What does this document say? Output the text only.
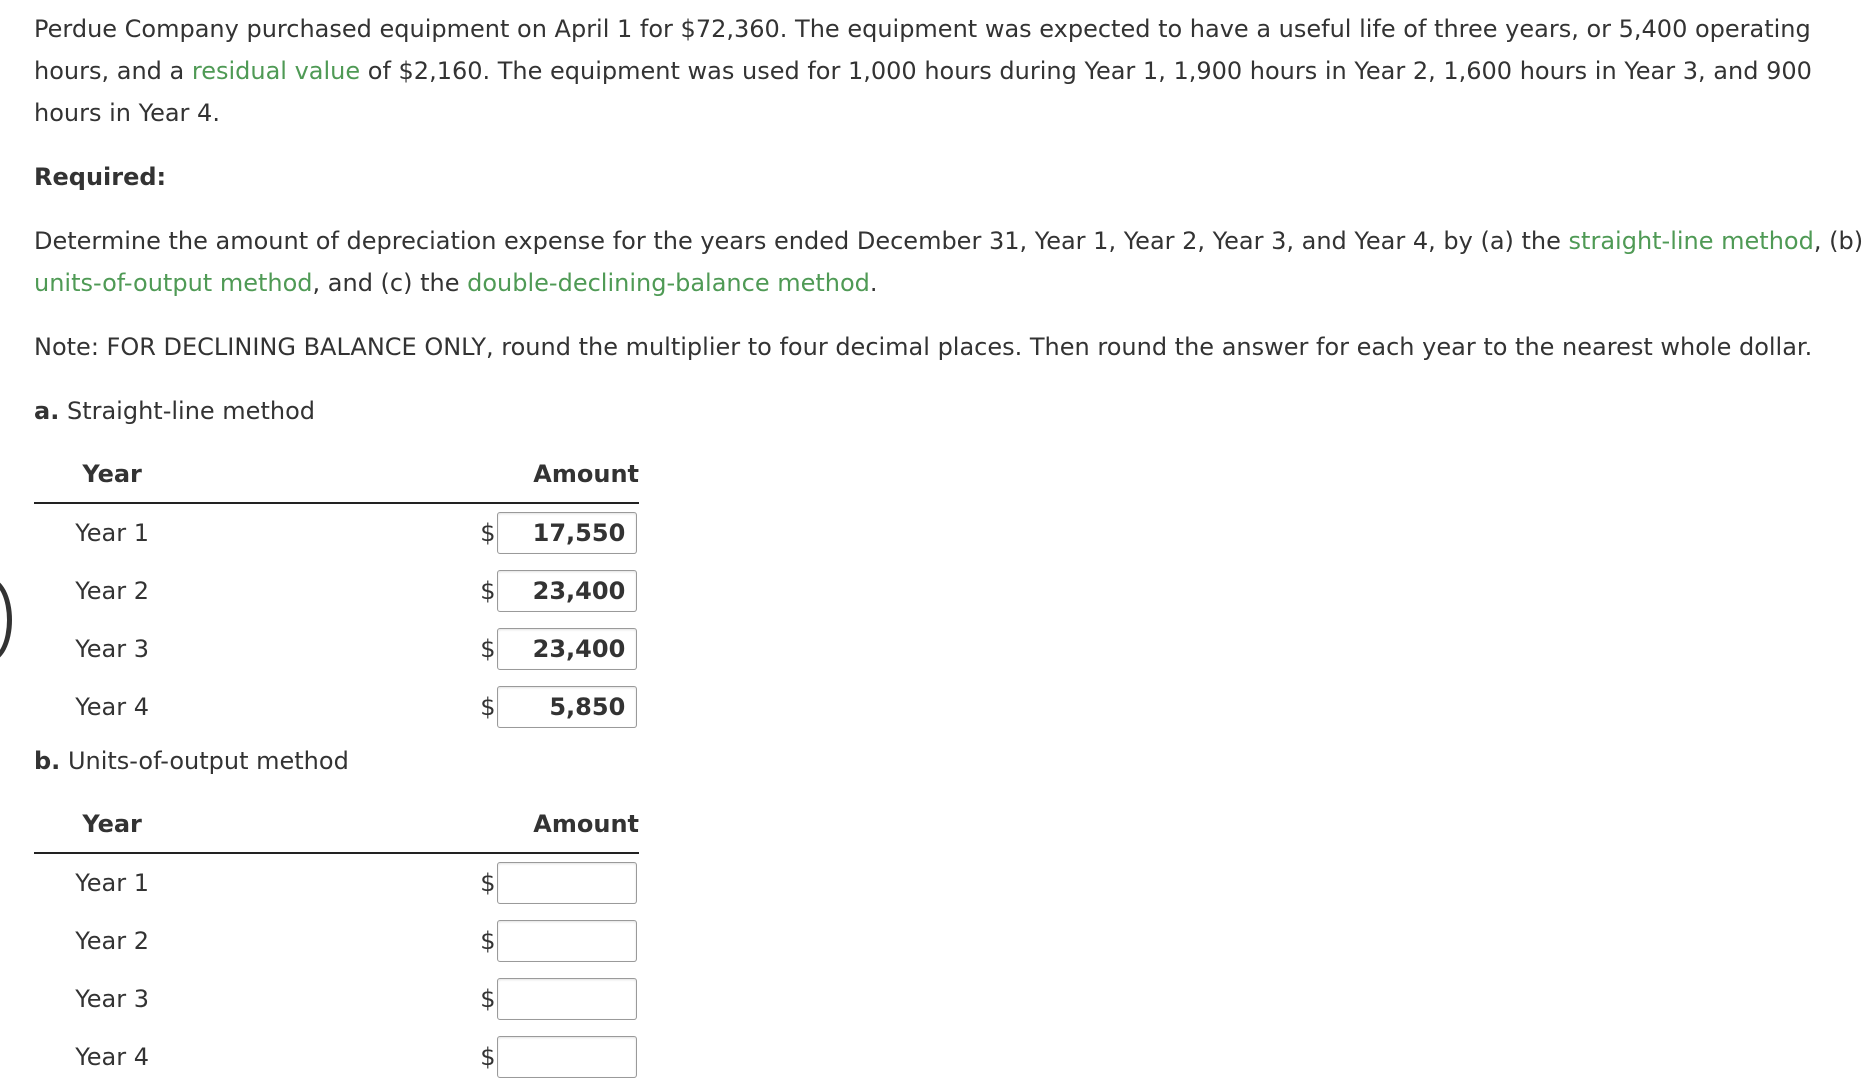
Perdue Company purchased equipment on April 1 for $72,360. The equipment was expected to have a useful life of three years, or 5,400 operating hours, and a residual value of $2,160. The equipment was used for 1,000 hours during Year 1, 1,900 hours in Year 2, 1,600 hours in Year 3, and 900 hours in Year 4.

Required:

Determine the amount of depreciation expense for the years ended December 31, Year 1, Year 2, Year 3, and Year 4, by (a) the straight-line method, (b) units-of-output method, and (c) the double-declining-balance method.

Note: FOR DECLINING BALANCE ONLY, round the multiplier to four decimal places. Then round the answer for each year to the nearest whole dollar.

a. Straight-line method

Year	Amount
Year 1	$ 17,550

Year 2	$ 23,400

Year 3	$ 23,400

Year 4	$ 5,850

b. Units-of-output method

Year	Amount
Year 1	$

Year 2	$

Year 3	$

Year 4	$
